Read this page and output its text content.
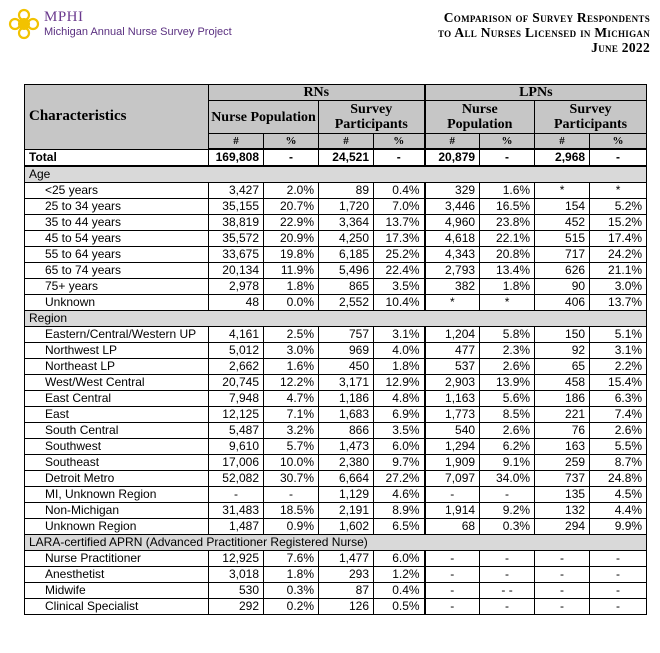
MPHI
Michigan Annual Nurse Survey Project
Comparison of Survey Respondents
to All Nurses Licensed in Michigan
June 2022
Characteristics	RNs				LPNs			
	Nurse Population		Survey Participants		Nurse Population		Survey Participants	
	#	%	#	%	#	%	#	%
Total	169,808	-	24,521	-	20,879	-	2,968	-
Age								
<25 years	3,427	2.0%	89	0.4%	329	1.6%	*	*
25 to 34 years	35,155	20.7%	1,720	7.0%	3,446	16.5%	154	5.2%
35 to 44 years	38,819	22.9%	3,364	13.7%	4,960	23.8%	452	15.2%
45 to 54 years	35,572	20.9%	4,250	17.3%	4,618	22.1%	515	17.4%
55 to 64 years	33,675	19.8%	6,185	25.2%	4,343	20.8%	717	24.2%
65 to 74 years	20,134	11.9%	5,496	22.4%	2,793	13.4%	626	21.1%
75+ years	2,978	1.8%	865	3.5%	382	1.8%	90	3.0%
Unknown	48	0.0%	2,552	10.4%	*	*	406	13.7%
Region								
Eastern/Central/Western UP	4,161	2.5%	757	3.1%	1,204	5.8%	150	5.1%
Northwest LP	5,012	3.0%	969	4.0%	477	2.3%	92	3.1%
Northeast LP	2,662	1.6%	450	1.8%	537	2.6%	65	2.2%
West/West Central	20,745	12.2%	3,171	12.9%	2,903	13.9%	458	15.4%
East Central	7,948	4.7%	1,186	4.8%	1,163	5.6%	186	6.3%
East	12,125	7.1%	1,683	6.9%	1,773	8.5%	221	7.4%
South Central	5,487	3.2%	866	3.5%	540	2.6%	76	2.6%
Southwest	9,610	5.7%	1,473	6.0%	1,294	6.2%	163	5.5%
Southeast	17,006	10.0%	2,380	9.7%	1,909	9.1%	259	8.7%
Detroit Metro	52,082	30.7%	6,664	27.2%	7,097	34.0%	737	24.8%
MI, Unknown Region	-	-	1,129	4.6%	-	-	135	4.5%
Non-Michigan	31,483	18.5%	2,191	8.9%	1,914	9.2%	132	4.4%
Unknown Region	1,487	0.9%	1,602	6.5%	68	0.3%	294	9.9%
LARA-certified APRN (Advanced Practitioner Registered Nurse)								
Nurse Practitioner	12,925	7.6%	1,477	6.0%	-	-	-	-
Anesthetist	3,018	1.8%	293	1.2%	-	-	-	-
Midwife	530	0.3%	87	0.4%	-	- -	-	-
Clinical Specialist	292	0.2%	126	0.5%	-	-	-	-
